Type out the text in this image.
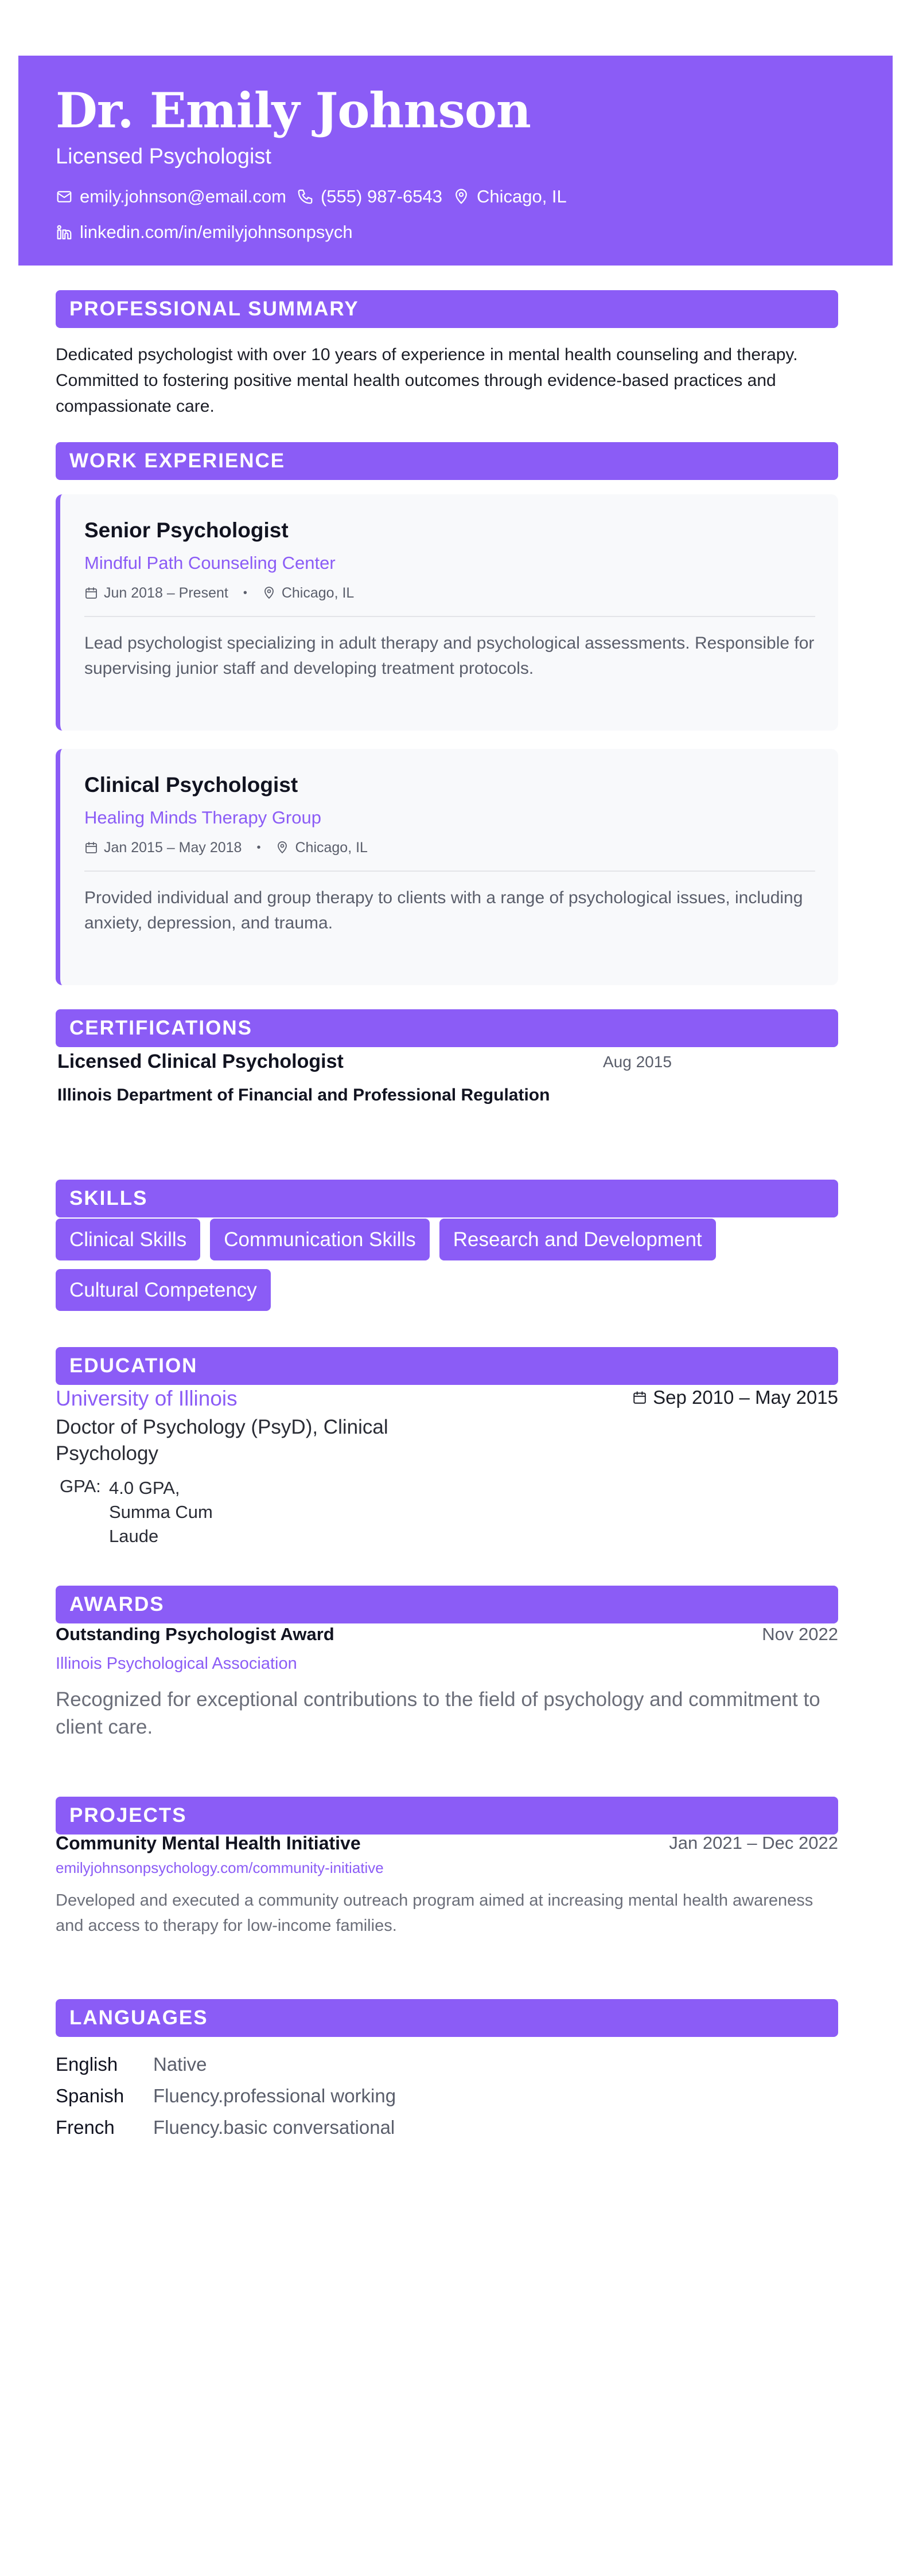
Dr. Emily Johnson
Licensed Psychologist
emily.johnson@email.com (555) 987-6543 Chicago, IL
linkedin.com/in/emilyjohnsonpsych
PROFESSIONAL SUMMARY
Dedicated psychologist with over 10 years of experience in mental health counseling and therapy. Committed to fostering positive mental health outcomes through evidence-based practices and compassionate care.
WORK EXPERIENCE
Senior Psychologist
Mindful Path Counseling Center
Jun 2018 – Present • Chicago, IL
Lead psychologist specializing in adult therapy and psychological assessments. Responsible for supervising junior staff and developing treatment protocols.
Clinical Psychologist
Healing Minds Therapy Group
Jan 2015 – May 2018 • Chicago, IL
Provided individual and group therapy to clients with a range of psychological issues, including anxiety, depression, and trauma.
CERTIFICATIONS
Licensed Clinical Psychologist	Aug 2015
Illinois Department of Financial and Professional Regulation
SKILLS
Clinical Skills	Communication Skills	Research and Development
Cultural Competency
EDUCATION
University of Illinois	Sep 2010 – May 2015
Doctor of Psychology (PsyD), Clinical Psychology
GPA: 4.0 GPA, Summa Cum Laude
AWARDS
Outstanding Psychologist Award	Nov 2022
Illinois Psychological Association
Recognized for exceptional contributions to the field of psychology and commitment to client care.
PROJECTS
Community Mental Health Initiative	Jan 2021 – Dec 2022
emilyjohnsonpsychology.com/community-initiative
Developed and executed a community outreach program aimed at increasing mental health awareness and access to therapy for low-income families.
LANGUAGES
English	Native
Spanish	Fluency.professional working
French	Fluency.basic conversational
